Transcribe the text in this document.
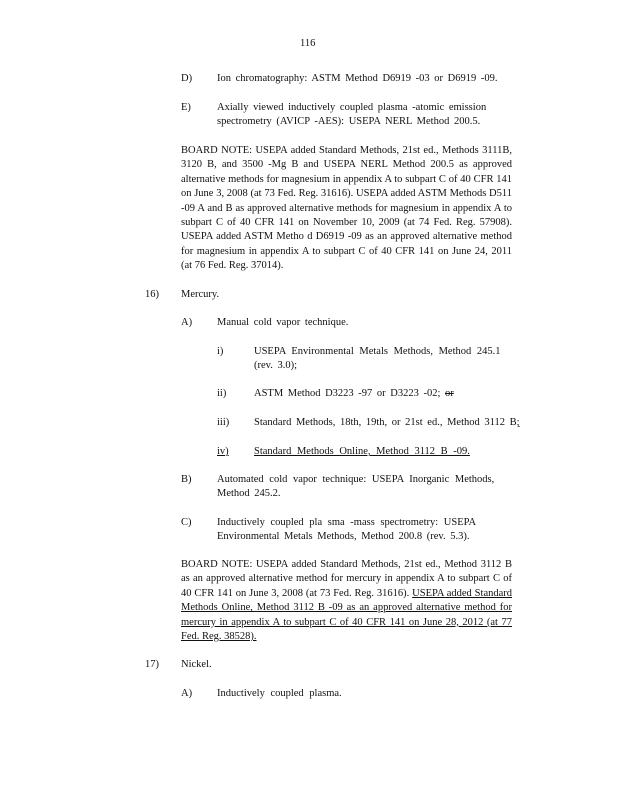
116
D) Ion chromatography: ASTM Method D6919 -03 or D6919 -09.
E) Axially viewed inductively coupled plasma -atomic emission
spectrometry (AVICP -AES): USEPA NERL Method 200.5.
BOARD NOTE: USEPA added Standard Methods, 21st ed., Methods 3111B, 3120 B, and 3500 -Mg B and USEPA NERL Method 200.5 as approved alternative methods for magnesium in appendix A to subpart C of 40 CFR 141 on June 3, 2008 (at 73 Fed. Reg. 31616). USEPA added ASTM Methods D511 -09 A and B as approved alternative methods for magnesium in appendix A to subpart C of 40 CFR 141 on November 10, 2009 (at 74 Fed. Reg. 57908). USEPA added ASTM Metho d D6919 -09 as an approved alternative method for magnesium in appendix A to subpart C of 40 CFR 141 on June 24, 2011 (at 76 Fed. Reg. 37014).
16) Mercury.
A) Manual cold vapor technique.
i)	USEPA Environmental Metals Methods, Method 245.1
(rev. 3.0);
ii)	ASTM Method D3223 -97 or D3223 -02; or
iii) Standard Methods, 18th, 19th, or 21st ed., Method 3112 B;
iv) Standard Methods Online, Method 3112 B -09.
B) Automated cold vapor technique: USEPA Inorganic Methods,
Method 245.2.
C) Inductively coupled pla sma -mass spectrometry: USEPA
Environmental Metals Methods, Method 200.8 (rev. 5.3).
BOARD NOTE: USEPA added Standard Methods, 21st ed., Method 3112 B as an approved alternative method for mercury in appendix A to subpart C of 40 CFR 141 on June 3, 2008 (at 73 Fed. Reg. 31616). USEPA added Standard Methods Online, Method 3112 B -09 as an approved alternative method for mercury in appendix A to subpart C of 40 CFR 141 on June 28, 2012 (at 77 Fed. Reg. 38528).
17) Nickel.
A) Inductively coupled plasma.
